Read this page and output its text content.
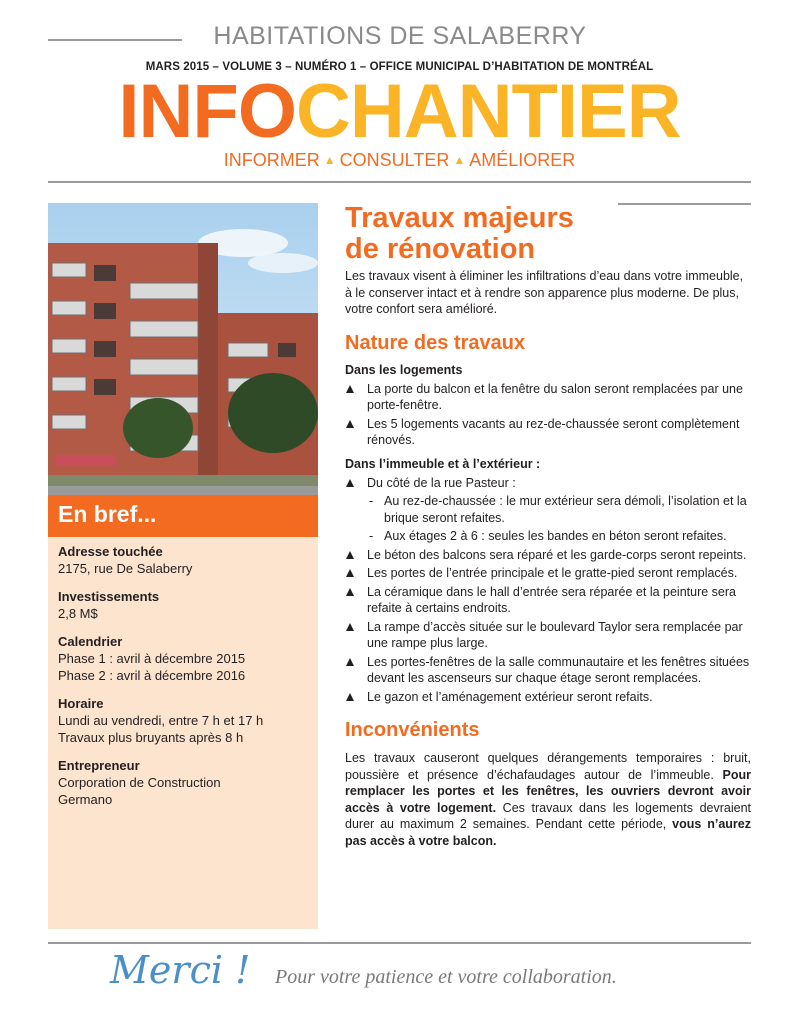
HABITATIONS DE SALABERRY
MARS 2015 – VOLUME 3 – NUMÉRO 1 – OFFICE MUNICIPAL D’HABITATION DE MONTRÉAL
INFOCHANTIER
INFORMER ▲ CONSULTER ▲ AMÉLIORER
En bref...
Adresse touchée
2175, rue De Salaberry
Investissements
2,8 M$
Calendrier
Phase 1 : avril à décembre 2015
Phase 2 : avril à décembre 2016
Horaire
Lundi au vendredi, entre 7 h et 17 h
Travaux plus bruyants après 8 h
Entrepreneur
Corporation de Construction
Germano
Travaux majeurs
de rénovation

Les travaux visent à éliminer les infiltrations d’eau dans votre immeuble, à le conserver intact et à rendre son apparence plus moderne. De plus, votre confort sera amélioré.

Nature des travaux
Dans les logements
La porte du balcon et la fenêtre du salon seront remplacées par une porte-fenêtre.
Les 5 logements vacants au rez-de-chaussée seront complètement rénovés.
Dans l’immeuble et à l’extérieur :
Du côté de la rue Pasteur :
- Au rez-de-chaussée : le mur extérieur sera démoli, l’isolation et la brique seront refaites.
- Aux étages 2 à 6 : seules les bandes en béton seront refaites.
Le béton des balcons sera réparé et les garde-corps seront repeints.
Les portes de l’entrée principale et le gratte-pied seront remplacés.
La céramique dans le hall d’entrée sera réparée et la peinture sera refaite à certains endroits.
La rampe d’accès située sur le boulevard Taylor sera remplacée par une rampe plus large.
Les portes-fenêtres de la salle communautaire et les fenêtres situées devant les ascenseurs sur chaque étage seront remplacées.
Le gazon et l’aménagement extérieur seront refaits.
Inconvénients

Les travaux causeront quelques dérangements temporaires : bruit, poussière et présence d’échafaudages autour de l’immeuble. Pour remplacer les portes et les fenêtres, les ouvriers devront avoir accès à votre logement. Ces travaux dans les logements devraient durer au maximum 2 semaines. Pendant cette période, vous n’aurez pas accès à votre balcon.

Merci ! Pour votre patience et votre collaboration.
